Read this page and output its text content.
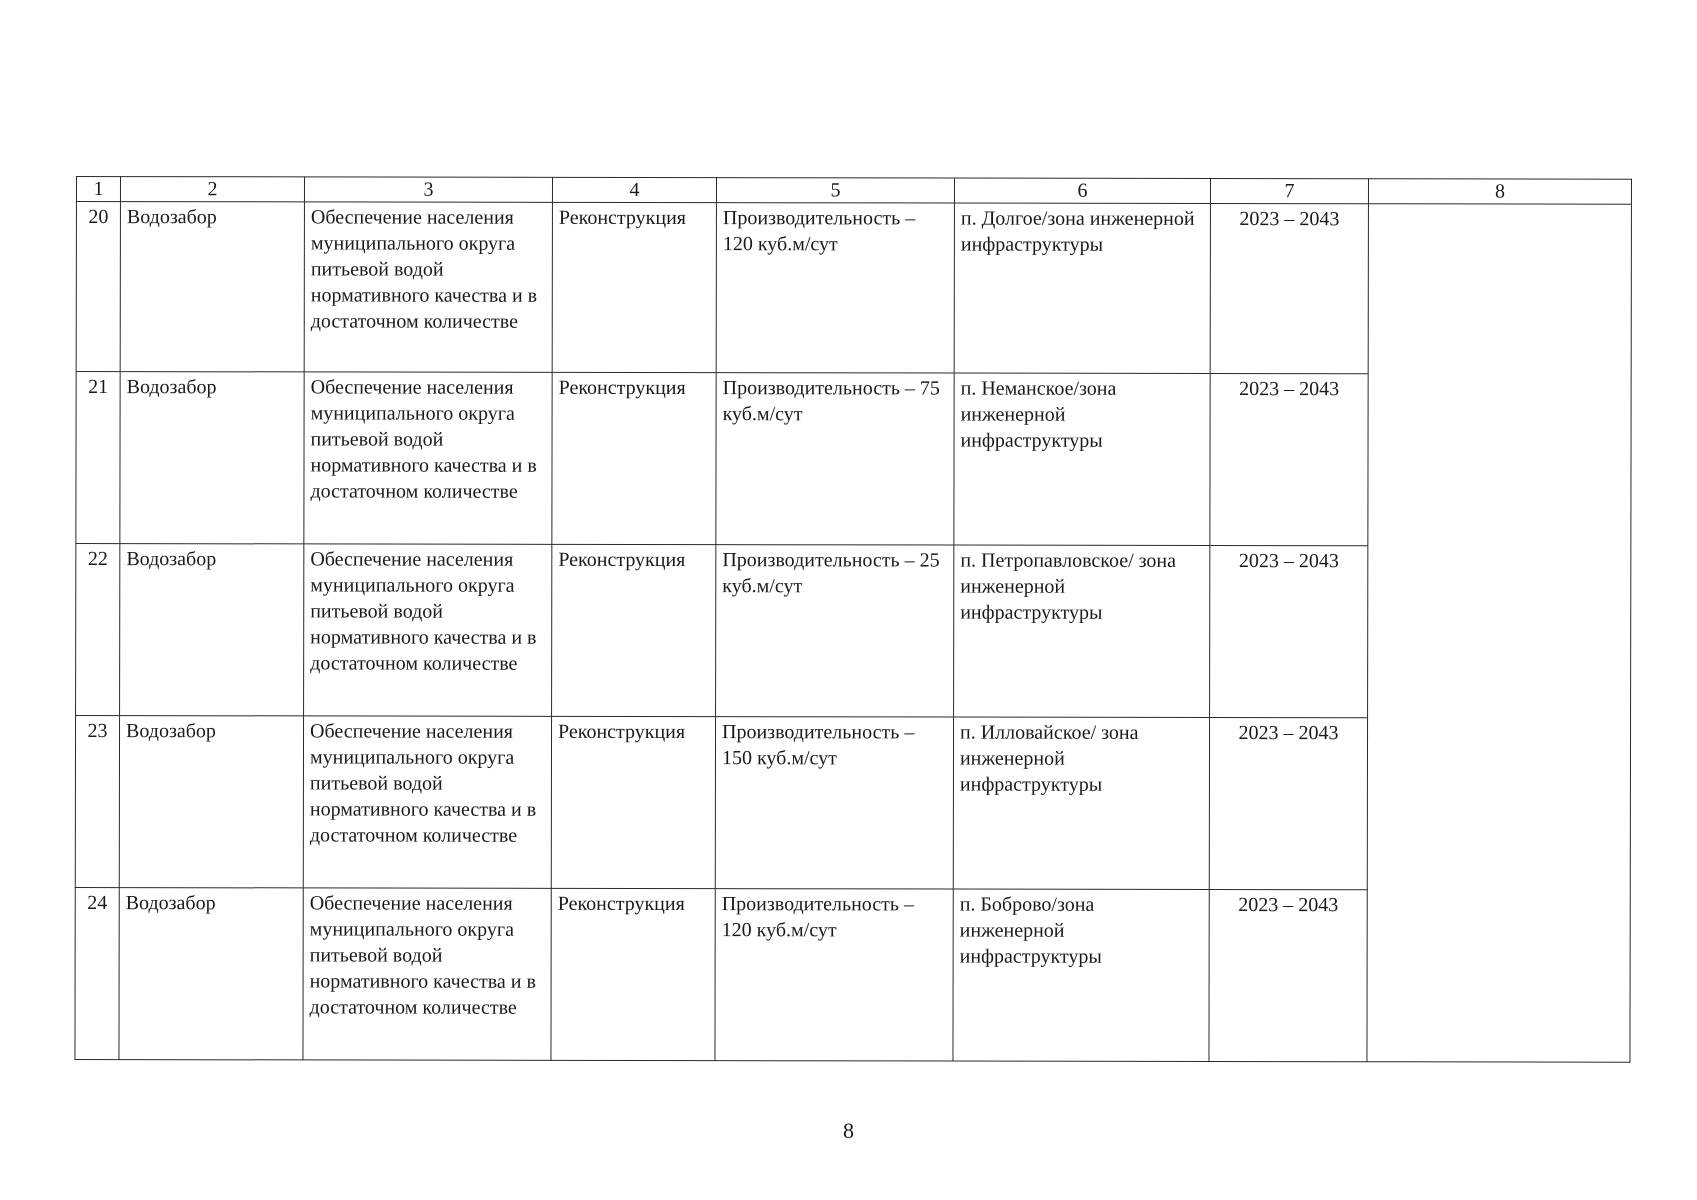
1	2	3	4	5	6	7	8
20	Водозабор	Обеспечение населения муниципального округа питьевой водой нормативного качества и в достаточном количестве	Реконструкция	Производительность – 120 куб.м/сут	п. Долгое/зона инженерной инфраструктуры	2023 – 2043	
21	Водозабор	Обеспечение населения муниципального округа питьевой водой нормативного качества и в достаточном количестве	Реконструкция	Производительность – 75 куб.м/сут	п. Неманское/зона инженерной инфраструктуры	2023 – 2043	
22	Водозабор	Обеспечение населения муниципального округа питьевой водой нормативного качества и в достаточном количестве	Реконструкция	Производительность – 25 куб.м/сут	п. Петропавловское/ зона инженерной инфраструктуры	2023 – 2043	
23	Водозабор	Обеспечение населения муниципального округа питьевой водой нормативного качества и в достаточном количестве	Реконструкция	Производительность – 150 куб.м/сут	п. Илловайское/ зона инженерной инфраструктуры	2023 – 2043	
24	Водозабор	Обеспечение населения муниципального округа питьевой водой нормативного качества и в достаточном количестве	Реконструкция	Производительность – 120 куб.м/сут	п. Боброво/зона инженерной инфраструктуры	2023 – 2043	
8
